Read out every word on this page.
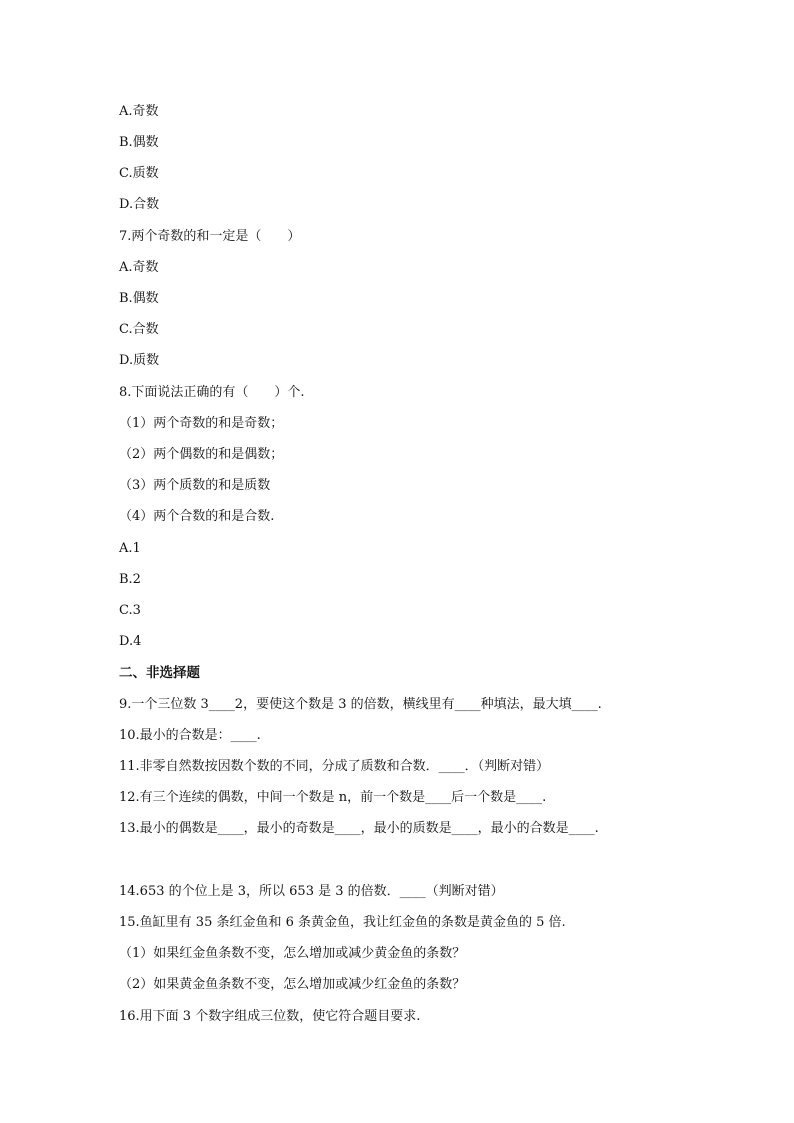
A.奇数
B.偶数
C.质数
D.合数
7.两个奇数的和一定是（　　）
A.奇数
B.偶数
C.合数
D.质数
8.下面说法正确的有（　　）个.
（1）两个奇数的和是奇数；
（2）两个偶数的和是偶数；
（3）两个质数的和是质数
（4）两个合数的和是合数.
A.1
B.2
C.3
D.4
二、非选择题
9.一个三位数 3____2，要使这个数是 3 的倍数，横线里有____种填法，最大填____.
10.最小的合数是：____.
11.非零自然数按因数个数的不同，分成了质数和合数．____．（判断对错）
12.有三个连续的偶数，中间一个数是 n，前一个数是____后一个数是____.
13.最小的偶数是____，最小的奇数是____，最小的质数是____，最小的合数是____.
14.653 的个位上是 3，所以 653 是 3 的倍数．____（判断对错）
15.鱼缸里有 35 条红金鱼和 6 条黄金鱼，我让红金鱼的条数是黄金鱼的 5 倍.
（1）如果红金鱼条数不变，怎么增加或减少黄金鱼的条数？
（2）如果黄金鱼条数不变，怎么增加或减少红金鱼的条数？
16.用下面 3 个数字组成三位数，使它符合题目要求.
